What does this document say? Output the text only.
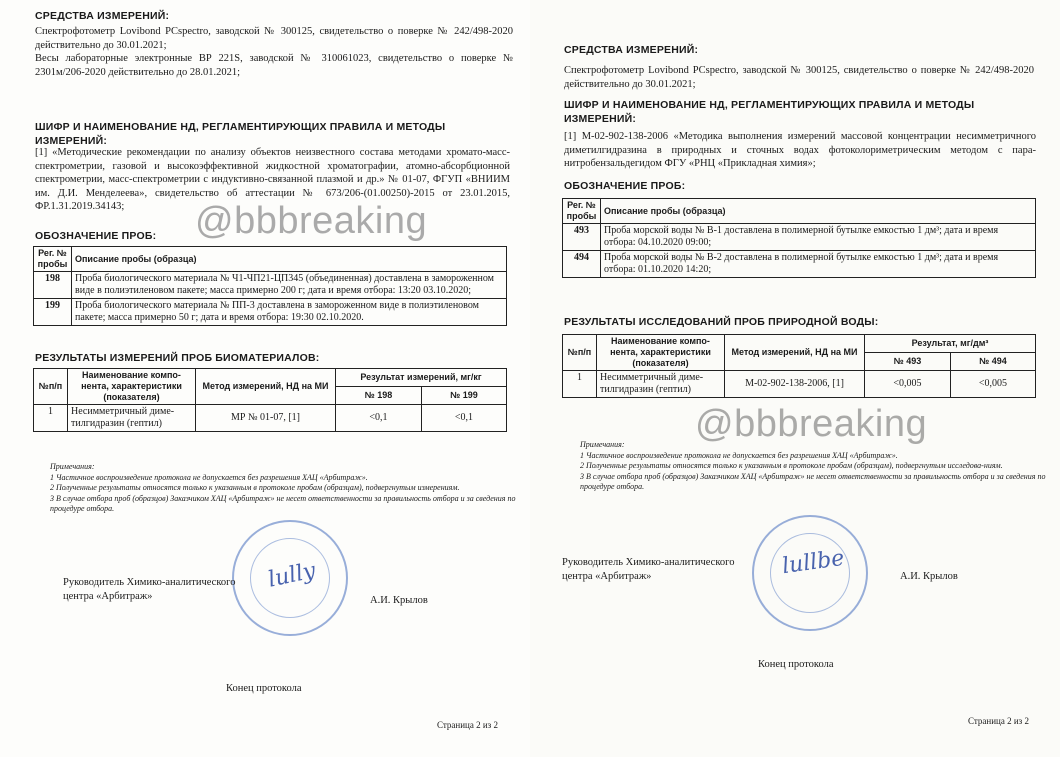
СРЕДСТВА ИЗМЕРЕНИЙ:
Спектрофотометр Lovibond PCspectro, заводской № 300125, свидетельство о поверке № 242/498-2020 действительно до 30.01.2021;
Весы лабораторные электронные ВР 221S, заводской № 310061023, свидетельство о поверке № 2301м/206-2020 действительно до 28.01.2021;
ШИФР И НАИМЕНОВАНИЕ НД, РЕГЛАМЕНТИРУЮЩИХ ПРАВИЛА И МЕТОДЫ ИЗМЕРЕНИЙ:
[1] «Методические рекомендации по анализу объектов неизвестного состава методами хромато-масс-спектрометрии, газовой и высокоэффективной жидкостной хроматографии, атомно-абсорбционной спектрометрии, масс-спектрометрии с индуктивно-связанной плазмой и др.» № 01-07, ФГУП «ВНИИМ им. Д.И. Менделеева», свидетельство об аттестации № 673/206-(01.00250)-2015 от 23.01.2015, ФР.1.31.2019.34143;
ОБОЗНАЧЕНИЕ ПРОБ:
Рег. № пробы	Описание пробы (образца)
198	Проба биологического материала № Ч1-ЧП21-ЦП345 (объединенная) доставлена в замороженном виде в полиэтиленовом пакете; масса примерно 200 г; дата и время отбора: 13:20 03.10.2020;
199	Проба биологического материала № ПП-3 доставлена в замороженном виде в полиэтиленовом пакете; масса примерно 50 г; дата и время отбора: 19:30 02.10.2020.
РЕЗУЛЬТАТЫ ИЗМЕРЕНИЙ ПРОБ БИОМАТЕРИАЛОВ:
№п/п	Наименование компо-нента, характеристики (показателя)	Метод измерений, НД на МИ	Результат измерений, мг/кг	
			№ 198	№ 199
1	Несимметричный диме-тилгидразин (гептил)	МР № 01-07, [1]	<0,1	<0,1
Примечания:
1 Частичное воспроизведение протокола не допускается без разрешения ХАЦ «Арбитраж».
2 Полученные результаты относятся только к указанным в протоколе пробам (образцам), подвергнутым измерениям.
3 В случае отбора проб (образцов) Заказчиком ХАЦ «Арбитраж» не несет ответственности за правильность отбора и за сведения по процедуре отбора.
lully
Руководитель Химико-аналитического центра «Арбитраж»	А.И. Крылов
Конец протокола
Страница 2 из 2
@bbbreaking
СРЕДСТВА ИЗМЕРЕНИЙ:
Спектрофотометр Lovibond PCspectro, заводской № 300125, свидетельство о поверке № 242/498-2020 действительно до 30.01.2021;
ШИФР И НАИМЕНОВАНИЕ НД, РЕГЛАМЕНТИРУЮЩИХ ПРАВИЛА И МЕТОДЫ ИЗМЕРЕНИЙ:
[1] М-02-902-138-2006 «Методика выполнения измерений массовой концентрации несимметричного диметилгидразина в природных и сточных водах фотоколориметрическим методом с пара-нитробензальдегидом ФГУ «РНЦ «Прикладная химия»;
ОБОЗНАЧЕНИЕ ПРОБ:
Рег. № пробы	Описание пробы (образца)
493	Проба морской воды № В-1 доставлена в полимерной бутылке емкостью 1 дм³; дата и время отбора: 04.10.2020 09:00;
494	Проба морской воды № В-2 доставлена в полимерной бутылке емкостью 1 дм³; дата и время отбора: 01.10.2020 14:20;
РЕЗУЛЬТАТЫ ИССЛЕДОВАНИЙ ПРОБ ПРИРОДНОЙ ВОДЫ:
№п/п	Наименование компо-нента, характеристики (показателя)	Метод измерений, НД на МИ	Результат, мг/дм³	
			№ 493	№ 494
1	Несимметричный диме-тилгидразин (гептил)	М-02-902-138-2006, [1]	<0,005	<0,005
Примечания:
1 Частичное воспроизведение протокола не допускается без разрешения ХАЦ «Арбитраж».
2 Полученные результаты относятся только к указанным в протоколе пробам (образцам), подвергнутым исследова-ниям.
3 В случае отбора проб (образцов) Заказчиком ХАЦ «Арбитраж» не несет ответственности за правильность отбора и за сведения по процедуре отбора.
lullbe
Руководитель Химико-аналитического центра «Арбитраж»	А.И. Крылов
Конец протокола
Страница 2 из 2
@bbbreaking
